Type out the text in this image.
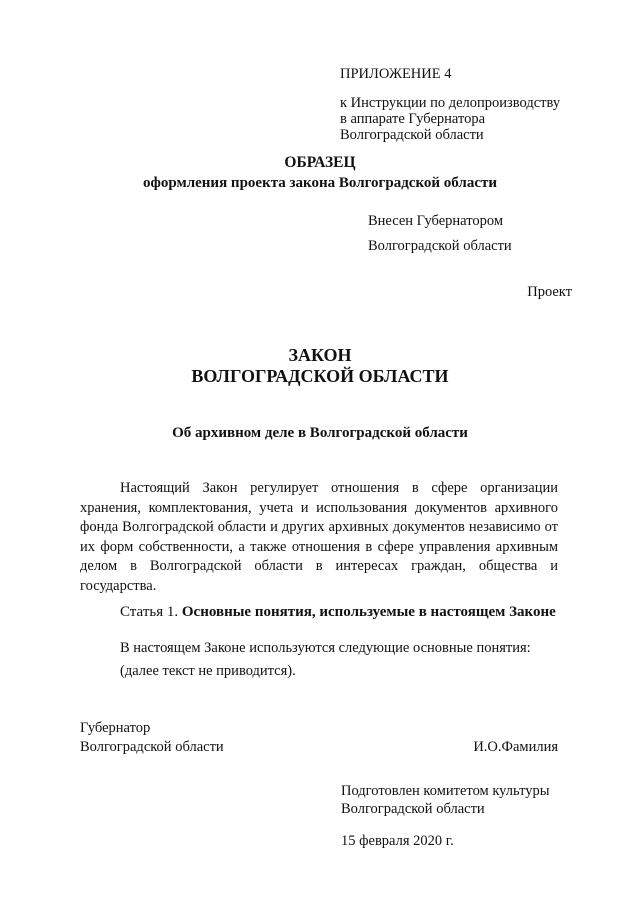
ПРИЛОЖЕНИЕ 4
к Инструкции по делопроизводству
в аппарате Губернатора
Волгоградской области
ОБРАЗЕЦ
оформления проекта закона Волгоградской области
Внесен Губернатором
Волгоградской области
Проект
ЗАКОН
ВОЛГОГРАДСКОЙ ОБЛАСТИ
Об архивном деле в Волгоградской области
Настоящий Закон регулирует отношения в сфере организации хранения, комплектования, учета и использования документов архивного фонда Волгоградской области и других архивных документов независимо от их форм собственности, а также отношения в сфере управления архивным делом в Волгоградской области в интересах граждан, общества и государства.
Статья 1. Основные понятия, используемые в настоящем Законе
В настоящем Законе используются следующие основные понятия:
(далее текст не приводится).
Губернатор
Волгоградской области	И.О.Фамилия
Подготовлен комитетом культуры
Волгоградской области
15 февраля 2020 г.
